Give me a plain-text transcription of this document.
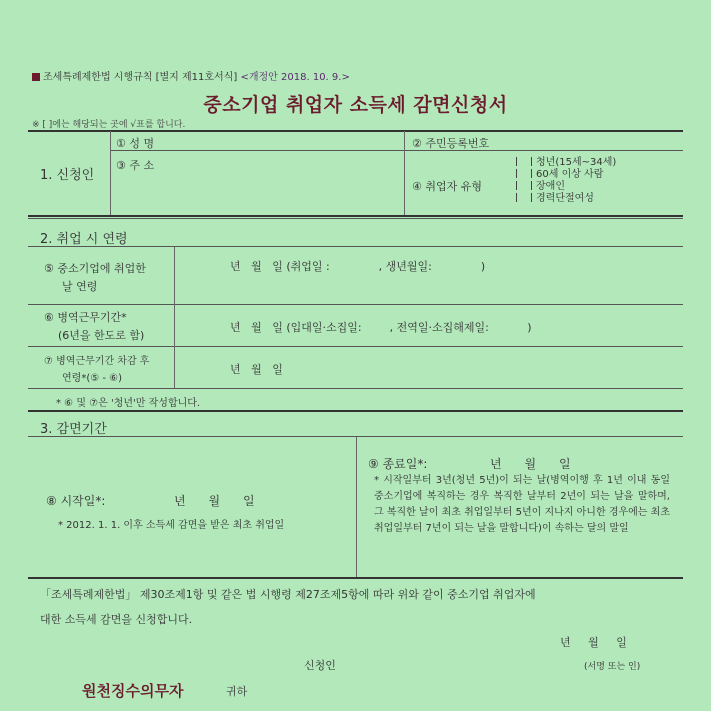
조세특례제한법 시행규칙 [별지 제11호서식] <개정안 2018. 10. 9.>
중소기업 취업자 소득세 감면신청서
※ [ ]에는 해당되는 곳에 √표를 합니다.
1. 신청인
① 성 명	② 주민등록번호
③ 주 소
④ 취업자 유형
청년(15세~34세)
60세 이상 사람
장애인
경력단절여성
2. 취업 시 연령
⑤ 중소기업에 취업한
날 연령
년   월   일 (취업일 :              , 생년월일:              )
⑥ 병역근무기간*
(6년을 한도로 함)
년   월   일 (입대일·소집일:        , 전역일·소집해제일:           )
⑦ 병역근무기간 차감 후
연령*(⑤ - ⑥)
년   월   일
* ⑥ 및 ⑦은 '청년'만 작성합니다.
3. 감면기간
⑧ 시작일*:	년      월      일
* 2012. 1. 1. 이후 소득세 감면을 받은 최초 취업일
⑨ 종료일*:	년      월      일
* 시작일부터 3년(청년 5년)이 되는 날(병역이행 후 1년 이내 동일 중소기업에 복직하는 경우 복직한 날부터 2년이 되는 날을 말하며, 그 복직한 날이 최초 취업일부터 5년이 지나지 아니한 경우에는 최초 취업일부터 7년이 되는 날을 말합니다)이 속하는 달의 말일
「조세특례제한법」 제30조제1항 및 같은 법 시행령 제27조제5항에 따라 위와 같이 중소기업 취업자에
대한 소득세 감면을 신청합니다.
년     월     일
신청인	(서명 또는 인)
원천징수의무자	귀하
